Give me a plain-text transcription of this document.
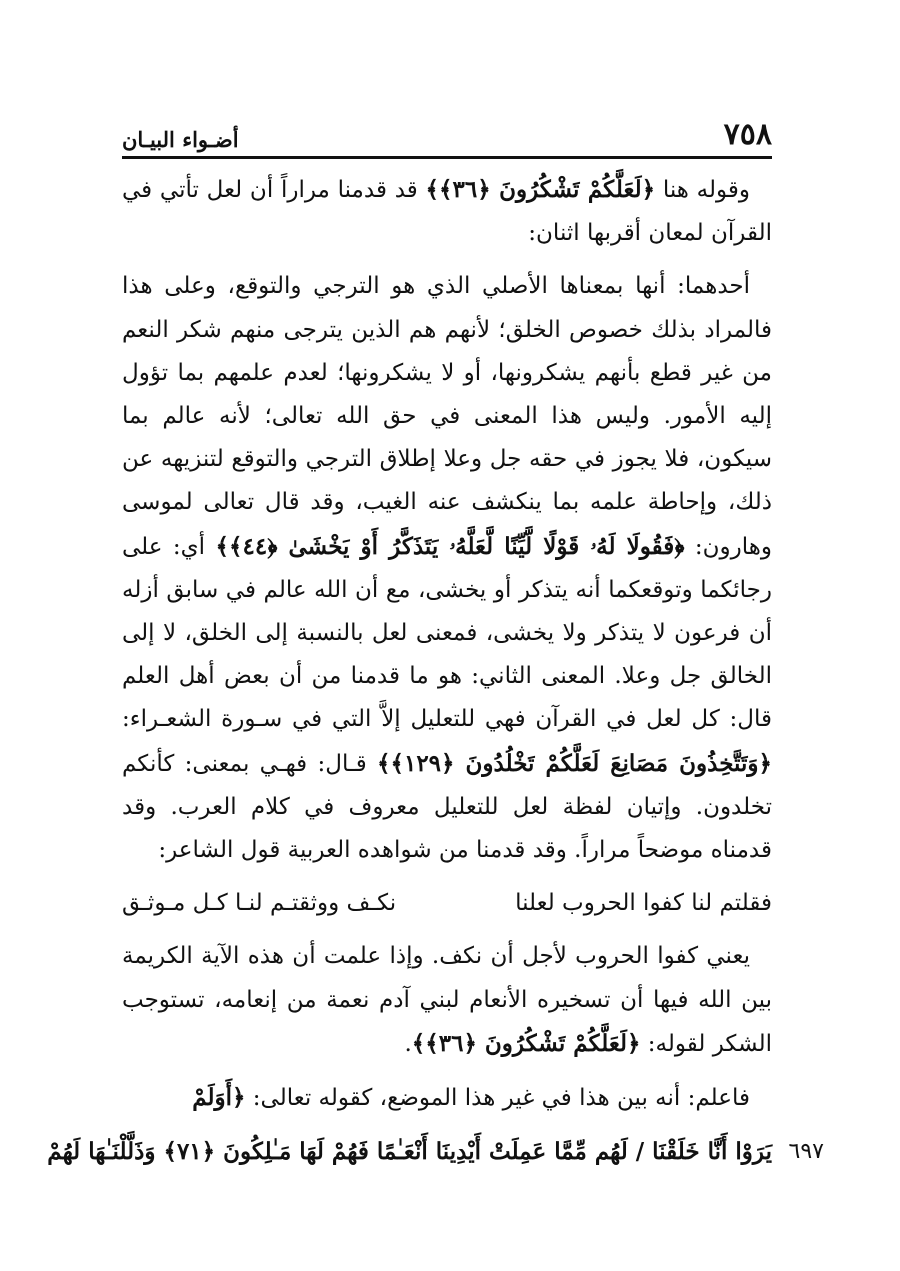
٧٥٨
أضـواء البيـان

وقوله هنا ﴿لَعَلَّكُمْ تَشْكُرُونَ ﴿٣٦﴾﴾ قد قدمنا مراراً أن لعل تأتي في القرآن لمعان أقربها اثنان:

أحدهما: أنها بمعناها الأصلي الذي هو الترجي والتوقع، وعلى هذا فالمراد بذلك خصوص الخلق؛ لأنهم هم الذين يترجى منهم شكر النعم من غير قطع بأنهم يشكرونها، أو لا يشكرونها؛ لعدم علمهم بما تؤول إليه الأمور. وليس هذا المعنى في حق الله تعالى؛ لأنه عالم بما سيكون، فلا يجوز في حقه جل وعلا إطلاق الترجي والتوقع لتنزيهه عن ذلك، وإحاطة علمه بما ينكشف عنه الغيب، وقد قال تعالى لموسى وهارون: ﴿فَقُولَا لَهُۥ قَوْلًا لَّيِّنًا لَّعَلَّهُۥ يَتَذَكَّرُ أَوْ يَخْشَىٰ ﴿٤٤﴾﴾ أي: على رجائكما وتوقعكما أنه يتذكر أو يخشى، مع أن الله عالم في سابق أزله أن فرعون لا يتذكر ولا يخشى، فمعنى لعل بالنسبة إلى الخلق، لا إلى الخالق جل وعلا. المعنى الثاني: هو ما قدمنا من أن بعض أهل العلم قال: كل لعل في القرآن فهي للتعليل إلاَّ التي في سـورة الشعـراء: ﴿وَتَتَّخِذُونَ مَصَانِعَ لَعَلَّكُمْ تَخْلُدُونَ ﴿١٢٩﴾﴾ قـال: فهـي بمعنى: كأنكم تخلدون. وإتيان لفظة لعل للتعليل معروف في كلام العرب. وقد قدمناه موضحاً مراراً. وقد قدمنا من شواهده العربية قول الشاعر:

فقلتم لنا كفوا الحروب لعلنا
نكـف ووثقتـم لنـا كـل مـوثـق

يعني كفوا الحروب لأجل أن نكف. وإذا علمت أن هذه الآية الكريمة بين الله فيها أن تسخيره الأنعام لبني آدم نعمة من إنعامه، تستوجب الشكر لقوله: ﴿لَعَلَّكُمْ تَشْكُرُونَ ﴿٣٦﴾﴾.

فاعلم: أنه بين هذا في غير هذا الموضع، كقوله تعالى: ﴿أَوَلَمْ

٦٩٧
يَرَوْا أَنَّا خَلَقْنَا / لَهُم مِّمَّا عَمِلَتْ أَيْدِينَا أَنْعَـٰمًا فَهُمْ لَهَا مَـٰلِكُونَ ﴿٧١﴾ وَذَلَّلْنَـٰهَا لَهُمْ
